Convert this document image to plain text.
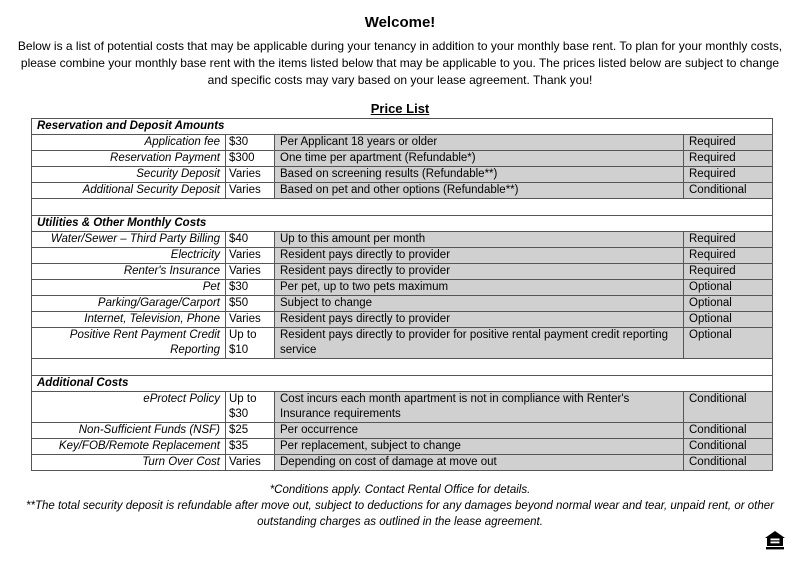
Welcome!
Below is a list of potential costs that may be applicable during your tenancy in addition to your monthly base rent. To plan for your monthly costs, please combine your monthly base rent with the items listed below that may be applicable to you. The prices listed below are subject to change and specific costs may vary based on your lease agreement. Thank you!
Price List
Reservation and Deposit Amounts			
Application fee	$30	Per Applicant 18 years or older	Required
Reservation Payment	$300	One time per apartment (Refundable*)	Required
Security Deposit	Varies	Based on screening results (Refundable**)	Required
Additional Security Deposit	Varies	Based on pet and other options (Refundable**)	Conditional

Utilities & Other Monthly Costs			
Water/Sewer – Third Party Billing	$40	Up to this amount per month	Required
Electricity	Varies	Resident pays directly to provider	Required
Renter's Insurance	Varies	Resident pays directly to provider	Required
Pet	$30	Per pet, up to two pets maximum	Optional
Parking/Garage/Carport	$50	Subject to change	Optional
Internet, Television, Phone	Varies	Resident pays directly to provider	Optional
Positive Rent Payment Credit Reporting	Up to $10	Resident pays directly to provider for positive rental payment credit reporting service	Optional

Additional Costs			
eProtect Policy	Up to $30	Cost incurs each month apartment is not in compliance with Renter's Insurance requirements	Conditional
Non-Sufficient Funds (NSF)	$25	Per occurrence	Conditional
Key/FOB/Remote Replacement	$35	Per replacement, subject to change	Conditional
Turn Over Cost	Varies	Depending on cost of damage at move out	Conditional
*Conditions apply. Contact Rental Office for details.
**The total security deposit is refundable after move out, subject to deductions for any damages beyond normal wear and tear, unpaid rent, or other outstanding charges as outlined in the lease agreement.
